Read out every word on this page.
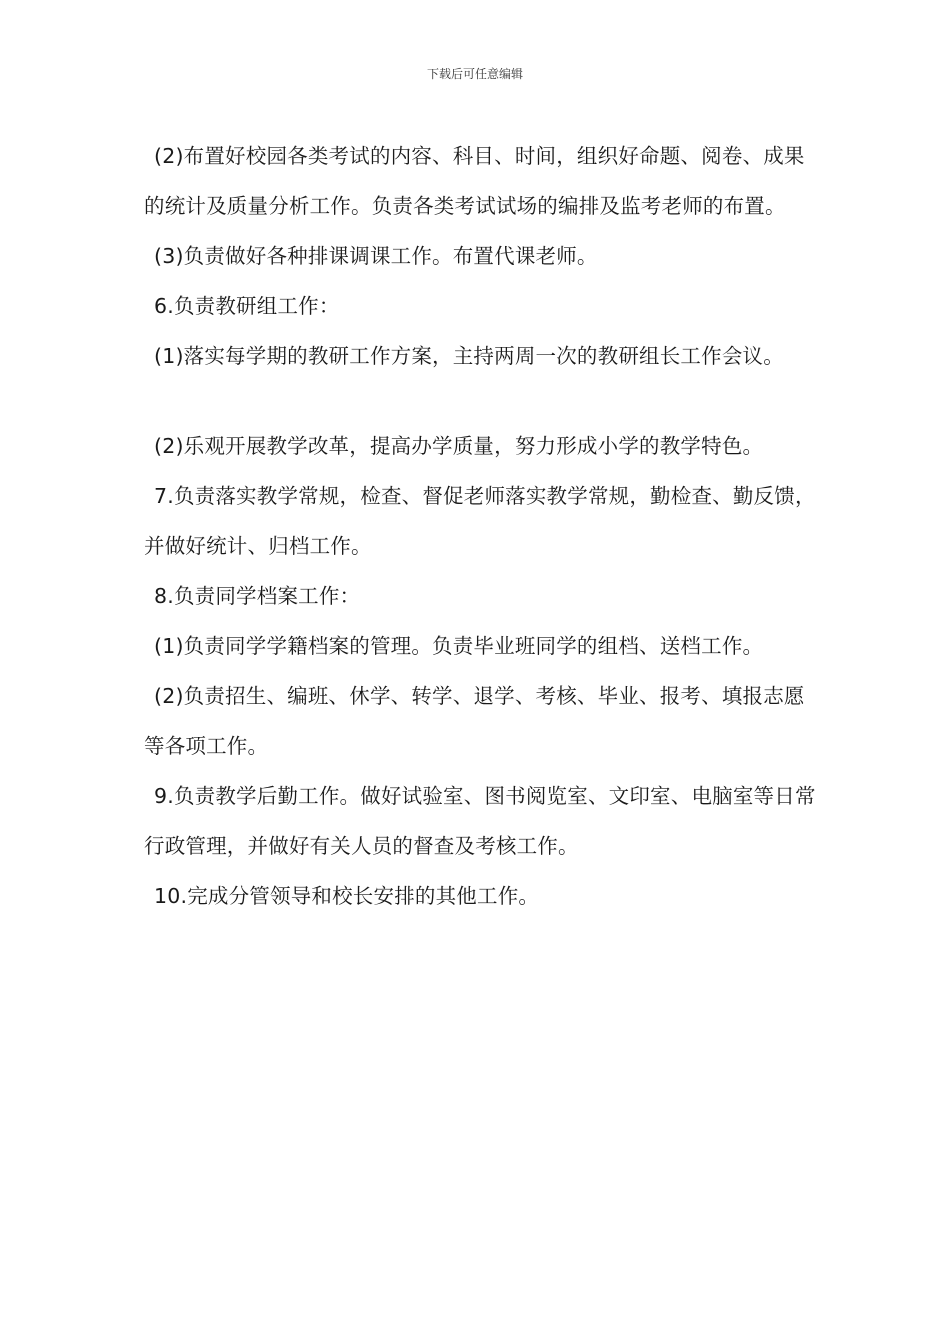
下载后可任意编辑

(2)布置好校园各类考试的内容、科目、时间，组织好命题、阅卷、成果的统计及质量分析工作。负责各类考试试场的编排及监考老师的布置。

(3)负责做好各种排课调课工作。布置代课老师。

6.负责教研组工作：

(1)落实每学期的教研工作方案，主持两周一次的教研组长工作会议。

(2)乐观开展教学改革，提高办学质量，努力形成小学的教学特色。

7.负责落实教学常规，检查、督促老师落实教学常规，勤检查、勤反馈，并做好统计、归档工作。

8.负责同学档案工作：

(1)负责同学学籍档案的管理。负责毕业班同学的组档、送档工作。

(2)负责招生、编班、休学、转学、退学、考核、毕业、报考、填报志愿等各项工作。

9.负责教学后勤工作。做好试验室、图书阅览室、文印室、电脑室等日常行政管理，并做好有关人员的督查及考核工作。

10.完成分管领导和校长安排的其他工作。
